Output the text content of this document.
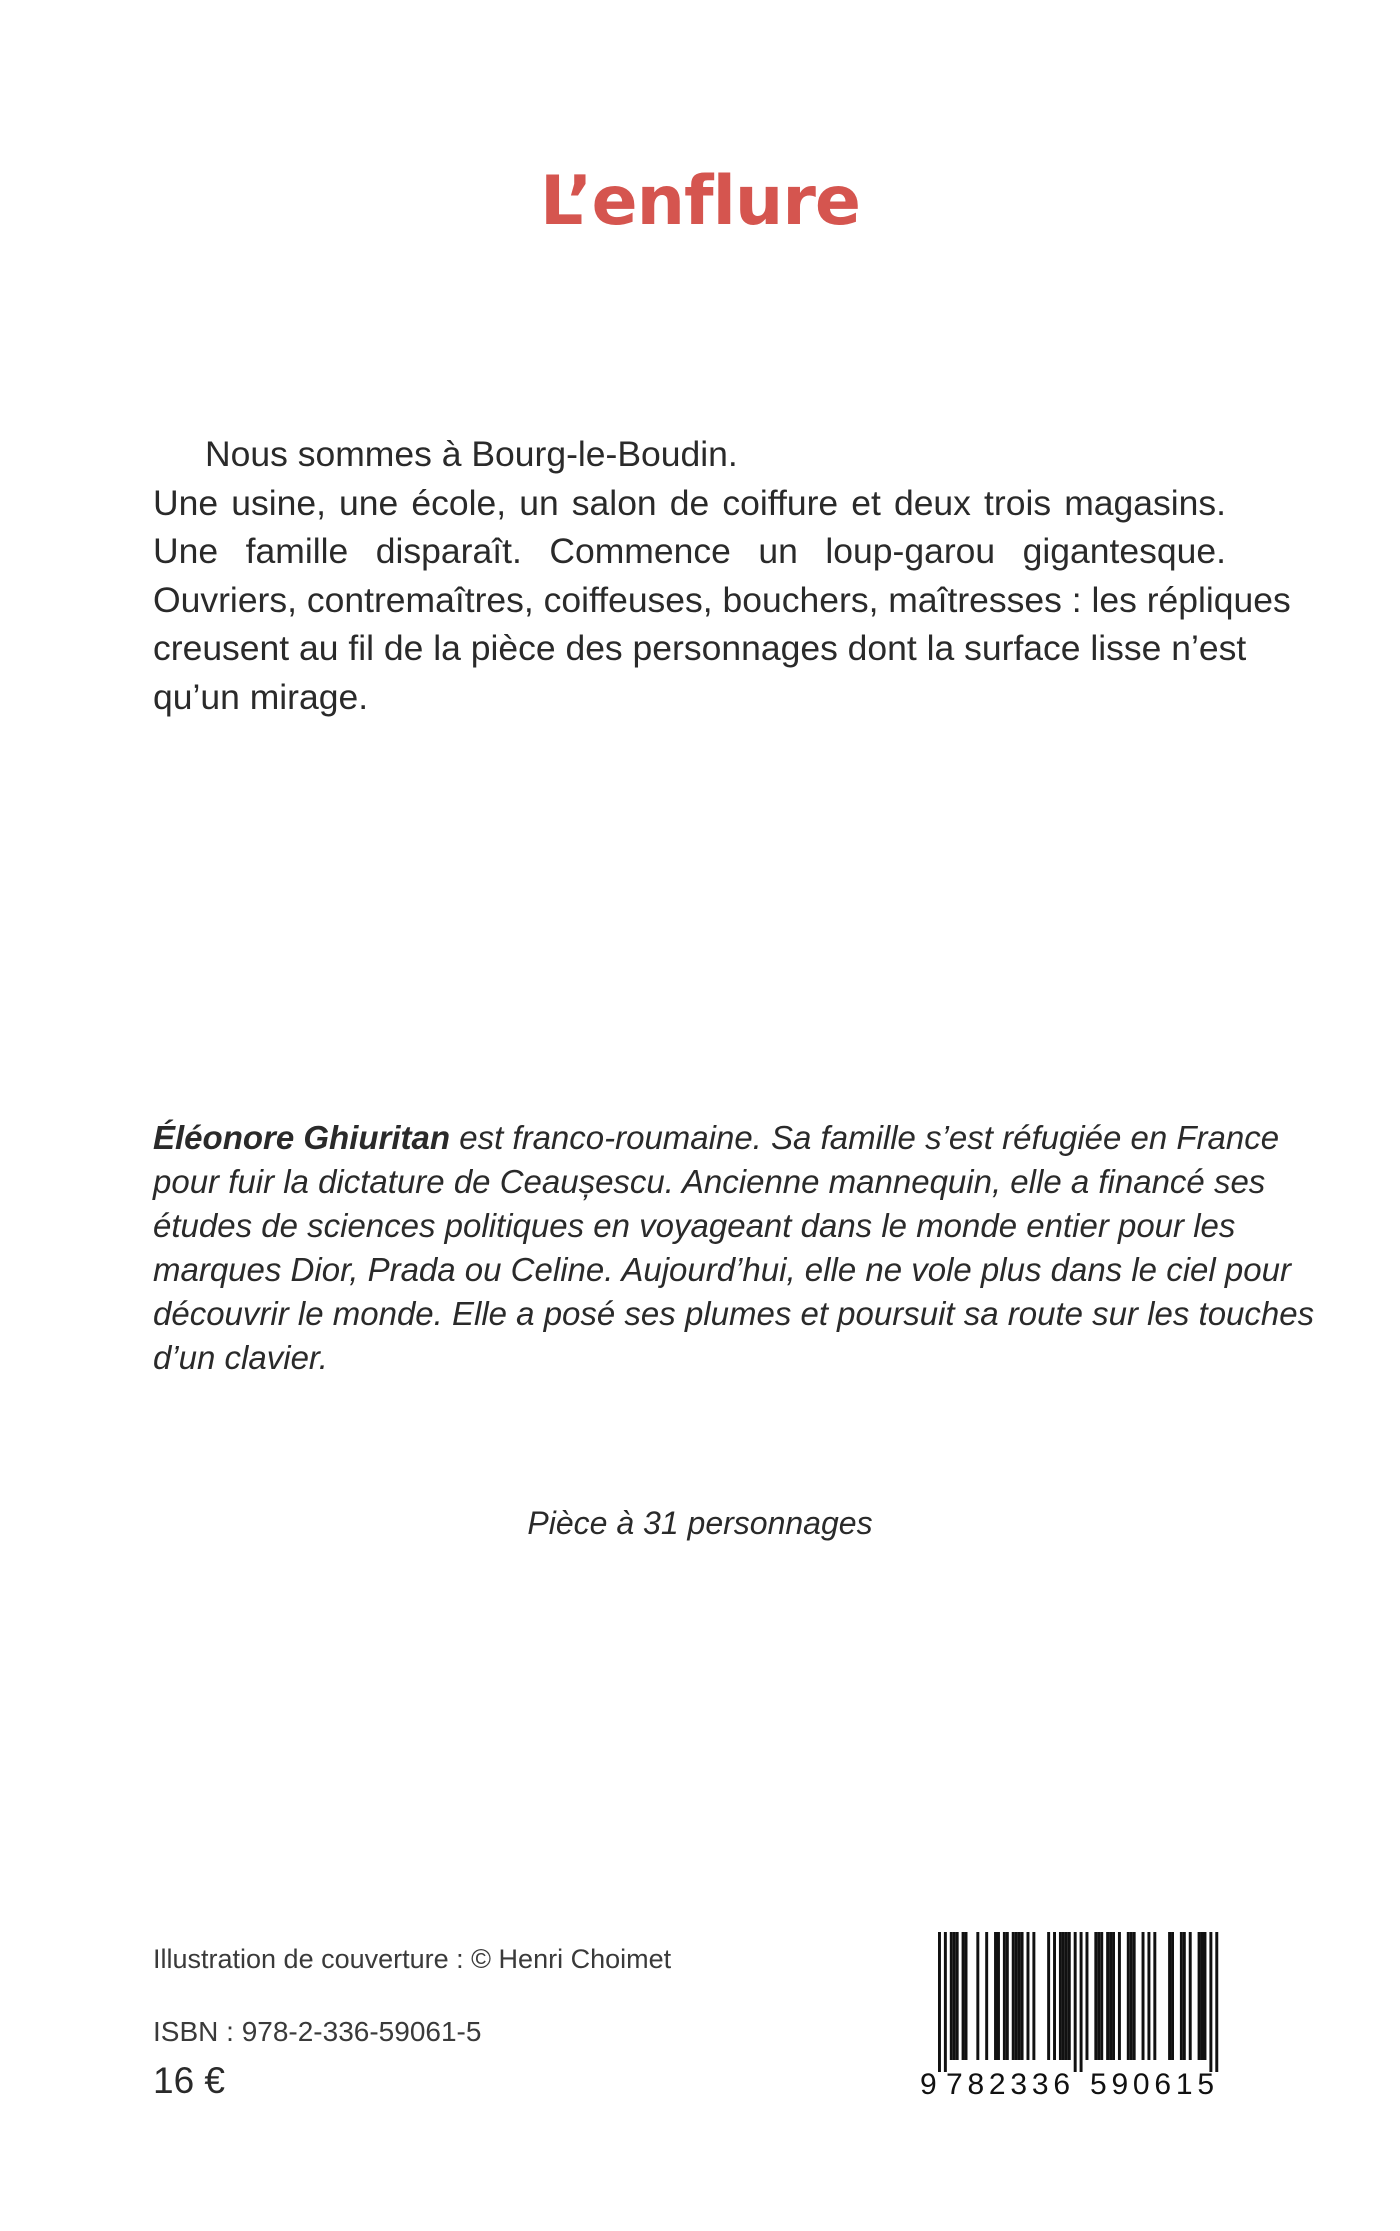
L’enflure
Nous sommes à Bourg-le-Boudin.
Une usine, une école, un salon de coiffure et deux trois magasins.
Une famille disparaît. Commence un loup-garou gigantesque.
Ouvriers, contremaîtres, coiffeuses, bouchers, maîtresses : les répliques
creusent au fil de la pièce des personnages dont la surface lisse n’est
qu’un mirage.
Éléonore Ghiuritan est franco-roumaine. Sa famille s’est réfugiée en France
pour fuir la dictature de Ceaușescu. Ancienne mannequin, elle a financé ses
études de sciences politiques en voyageant dans le monde entier pour les
marques Dior, Prada ou Celine. Aujourd’hui, elle ne vole plus dans le ciel pour
découvrir le monde. Elle a posé ses plumes et poursuit sa route sur les touches
d’un clavier.
Pièce à 31 personnages
Illustration de couverture : © Henri Choimet
ISBN : 978-2-336-59061-5
16 €	9 782336 590615
